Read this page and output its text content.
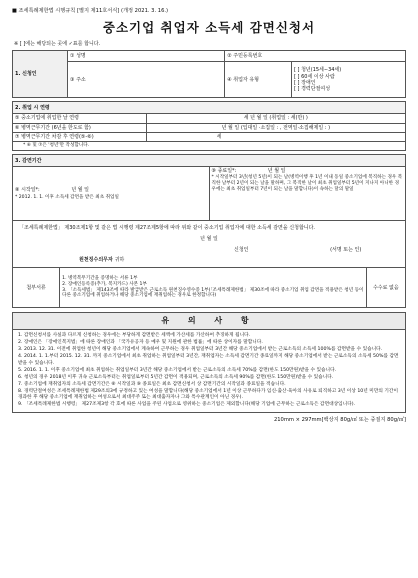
■ 조세특례제한법 시행규칙 [별지 제11호서식] (개정 2021. 3. 16.)
중소기업 취업자 소득세 감면신청서
※ [ ]에는 해당되는 곳에 ✓표를 합니다.
1. 신청인	① 성명	② 주민등록번호	
	③ 주소	④ 취업자 유형	[ ] 청년(15세∼34세)
[ ] 60세 이상 사람
[ ] 장애인
[ ] 경력단절여성
2. 취업 시 연령	
⑤ 중소기업에 취업한 날 연령	세 년 월 일 (취업일 : 세(만) )
⑥ 병역근무기간 (6년을 한도로 함)	년 월 일 (입대일 ·소집일 : , 전역일·소집해제일 : )
⑦ 병역근무기간 차감 후 연령(⑤-⑥)	세
* ⑥ 및 ⑦은 '청년'만 작성합니다.	
3. 감면기간

⑧ 시작일*:	년 월 일
* 2012. 1. 1. 이후 소득세 감면을 받은 최초 취업일

⑨ 종료일*:	년 월 일
* 시작일부터 3년(청년 5년)이 되는 날(병역이행 후 1년 이내 동일 중소기업에 복직하는 경우 복직한 날부터 2년이 되는 날을 말하며, 그 복직한 날이 최초 취업일부터 5년이 지나지 아니한 경우에는 최초 취업일부터 7년이 되는 날을 말합니다)이 속하는 달의 말일
「조세특례제한법」 제30조제1항 및 같은 법 시행령 제27조제5항에 따라 위와 같이 중소기업 취업자에 대한 소득세 감면을 신청합니다.
년 월 일
신청인	(서명 또는 인)
원천징수의무자 귀하
첨부서류	
1. 병역복무기간을 증명하는 서류 1부
2. 장애인등록증(추가, 복지카드) 사본 1부
3. 「소득세법」 제143조에 따라 발급받은 근로소득 원천징수영수증 1부(「조세특례제한법」 제30조에 따라 중소기업 취업 감면을 적용받은 청년 등이 다른 중소기업에 취업하거나 해당 중소기업에 재취업하는 경우로 한정합니다)
	수수료 없음
유 의 사 항

1. 감면신청서를 사실과 다르게 신청하는 경우에는 부당하게 감면받은 세액에 가산세를 가산하여 추징하게 됩니다.

2. 장애인은 「장애인복지법」에 따른 장애인과 「국가유공자 등 예우 및 지원에 관한 법률」에 따른 상이자를 말합니다.

3. 2013. 12. 31. 이전에 취업한 청년이 해당 중소기업에서 계속하여 근무하는 경우 취업일부터 3년간 해당 중소기업에서 받는 근로소득의 소득세 100%를 감면받을 수 있습니다.

4. 2014. 1. 1.부터 2015. 12. 31. 까지 중소기업에서 최초 취업하는 취업일부터 3년간, 재취업자는 소득세 감면기간 종료일까지 해당 중소기업에서 받는 근로소득의 소득세 50%를 감면받을 수 있습니다.

5. 2016. 1. 1. 이후 중소기업에 최초 취업하는 취업일부터 3년간 해당 중소기업에서 받는 근로소득의 소득세 70%를 감면(한도 150만원)받을 수 있습니다.

6. 청년의 경우 2018년 이후 귀속 근로소득부터는 취업일로부터 5년간 감면이 적용되며, 근로소득의 소득세 90%를 감면(한도 150만원)받을 수 있습니다.

7. 중소기업에 재취업자의 소득세 감면기간은 ⑧ 시작일과 ⑨ 종료일은 최초 감면신청서 상 감면기간의 시작일과 종료일을 적습니다.

8. 경력단절여성은 조세특례제한법 제29조의3에 규정하고 있는 여성을 말합니다(해당 중소기업에서 1년 이상 근무하다가 임신·출산·육아의 사유로 퇴직하고 3년 이상 10년 미만의 기간이 경과한 후 해당 중소기업에 재취업하는 여성으로서 최대주주 또는 최대출자자나 그와 특수관계인이 아닌 경우).

9. 「조세특례제한법 시행령」 제27조제3항 각 호에 따른 사업을 주된 사업으로 영위하는 중소기업은 제외합니다(해당 기업에 근무하는 근로소득은 감면대상입니다).

210mm × 297mm[백상지 80g/㎡ 또는 중질지 80g/㎡]
